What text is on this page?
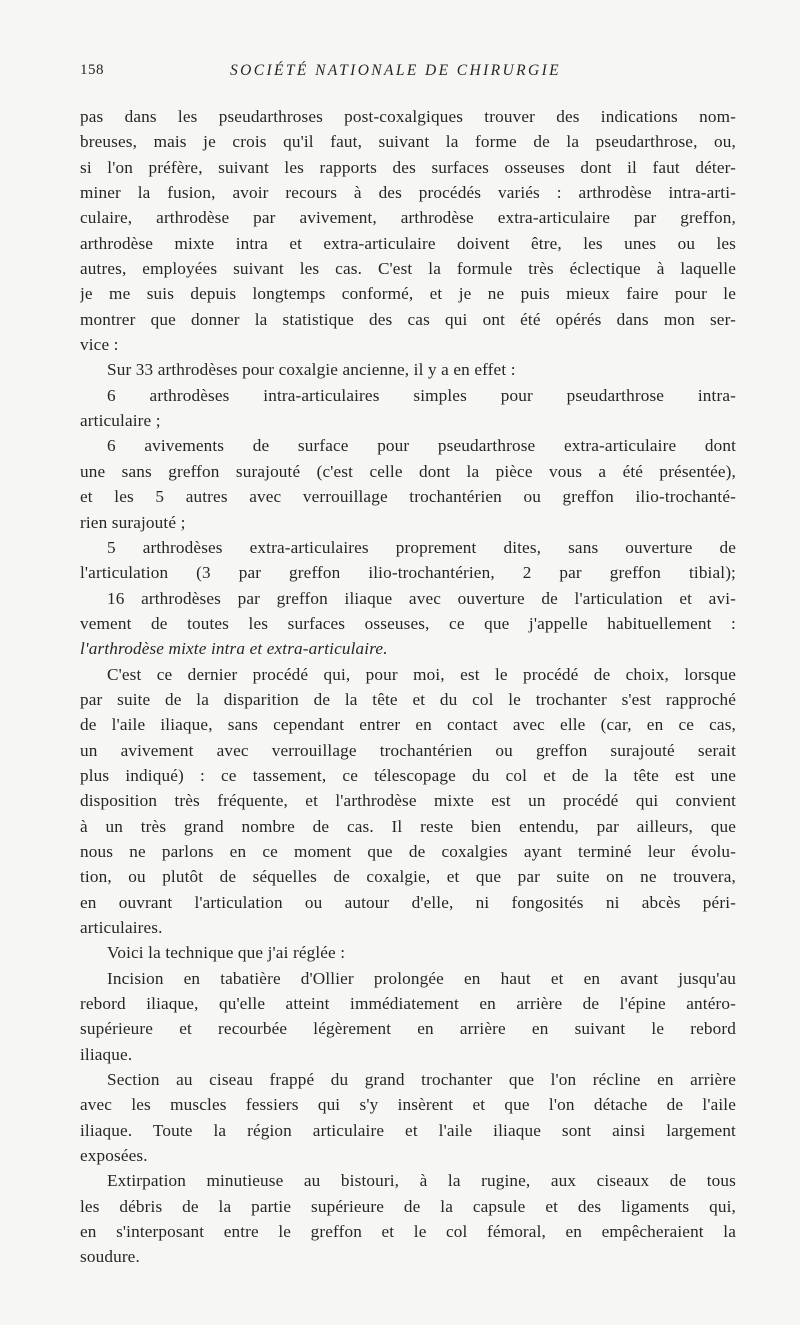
158	SOCIÉTÉ NATIONALE DE CHIRURGIE
pas dans les pseudarthroses post-coxalgiques trouver des indications nom-
breuses, mais je crois qu'il faut, suivant la forme de la pseudarthrose, ou,
si l'on préfère, suivant les rapports des surfaces osseuses dont il faut déter-
miner la fusion, avoir recours à des procédés variés : arthrodèse intra-arti-
culaire, arthrodèse par avivement, arthrodèse extra-articulaire par greffon,
arthrodèse mixte intra et extra-articulaire doivent être, les unes ou les
autres, employées suivant les cas. C'est la formule très éclectique à laquelle
je me suis depuis longtemps conformé, et je ne puis mieux faire pour le
montrer que donner la statistique des cas qui ont été opérés dans mon ser-
vice :
Sur 33 arthrodèses pour coxalgie ancienne, il y a en effet :
6 arthrodèses intra-articulaires simples pour pseudarthrose intra-
articulaire ;
6 avivements de surface pour pseudarthrose extra-articulaire dont
une sans greffon surajouté (c'est celle dont la pièce vous a été présentée),
et les 5 autres avec verrouillage trochantérien ou greffon ilio-trochanté-
rien surajouté ;
5 arthrodèses extra-articulaires proprement dites, sans ouverture de
l'articulation (3 par greffon ilio-trochantérien, 2 par greffon tibial);
16 arthrodèses par greffon iliaque avec ouverture de l'articulation et avi-
vement de toutes les surfaces osseuses, ce que j'appelle habituellement :
l'arthrodèse mixte intra et extra-articulaire.
C'est ce dernier procédé qui, pour moi, est le procédé de choix, lorsque
par suite de la disparition de la tête et du col le trochanter s'est rapproché
de l'aile iliaque, sans cependant entrer en contact avec elle (car, en ce cas,
un avivement avec verrouillage trochantérien ou greffon surajouté serait
plus indiqué) : ce tassement, ce télescopage du col et de la tête est une
disposition très fréquente, et l'arthrodèse mixte est un procédé qui convient
à un très grand nombre de cas. Il reste bien entendu, par ailleurs, que
nous ne parlons en ce moment que de coxalgies ayant terminé leur évolu-
tion, ou plutôt de séquelles de coxalgie, et que par suite on ne trouvera,
en ouvrant l'articulation ou autour d'elle, ni fongosités ni abcès péri-
articulaires.
Voici la technique que j'ai réglée :
Incision en tabatière d'Ollier prolongée en haut et en avant jusqu'au
rebord iliaque, qu'elle atteint immédiatement en arrière de l'épine antéro-
supérieure et recourbée légèrement en arrière en suivant le rebord
iliaque.
Section au ciseau frappé du grand trochanter que l'on récline en arrière
avec les muscles fessiers qui s'y insèrent et que l'on détache de l'aile
iliaque. Toute la région articulaire et l'aile iliaque sont ainsi largement
exposées.
Extirpation minutieuse au bistouri, à la rugine, aux ciseaux de tous
les débris de la partie supérieure de la capsule et des ligaments qui,
en s'interposant entre le greffon et le col fémoral, en empêcheraient la
soudure.
